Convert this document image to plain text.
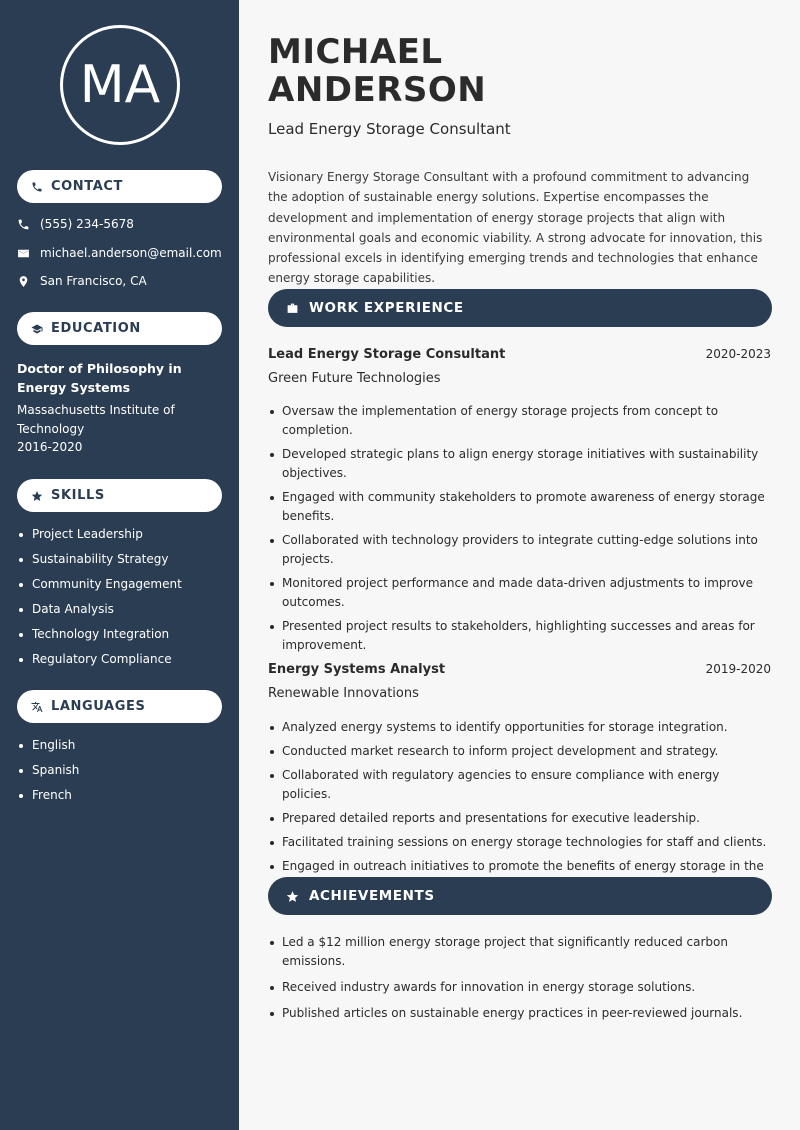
MA
CONTACT
(555) 234-5678
michael.anderson@email.com
San Francisco, CA
EDUCATION
Doctor of Philosophy in Energy Systems
Massachusetts Institute of Technology
2016-2020
SKILLS
Project Leadership
Sustainability Strategy
Community Engagement
Data Analysis
Technology Integration
Regulatory Compliance
LANGUAGES
English
Spanish
French
MICHAEL
ANDERSON
Lead Energy Storage Consultant
Visionary Energy Storage Consultant with a profound commitment to advancing the adoption of sustainable energy solutions. Expertise encompasses the development and implementation of energy storage projects that align with environmental goals and economic viability. A strong advocate for innovation, this professional excels in identifying emerging trends and technologies that enhance energy storage capabilities.
WORK EXPERIENCE
Lead Energy Storage Consultant	2020-2023
Green Future Technologies
Oversaw the implementation of energy storage projects from concept to completion.
Developed strategic plans to align energy storage initiatives with sustainability objectives.
Engaged with community stakeholders to promote awareness of energy storage benefits.
Collaborated with technology providers to integrate cutting-edge solutions into projects.
Monitored project performance and made data-driven adjustments to improve outcomes.
Presented project results to stakeholders, highlighting successes and areas for improvement.
Energy Systems Analyst	2019-2020
Renewable Innovations
Analyzed energy systems to identify opportunities for storage integration.
Conducted market research to inform project development and strategy.
Collaborated with regulatory agencies to ensure compliance with energy policies.
Prepared detailed reports and presentations for executive leadership.
Facilitated training sessions on energy storage technologies for staff and clients.
Engaged in outreach initiatives to promote the benefits of energy storage in the
ACHIEVEMENTS
Led a $12 million energy storage project that significantly reduced carbon emissions.
Received industry awards for innovation in energy storage solutions.
Published articles on sustainable energy practices in peer-reviewed journals.
